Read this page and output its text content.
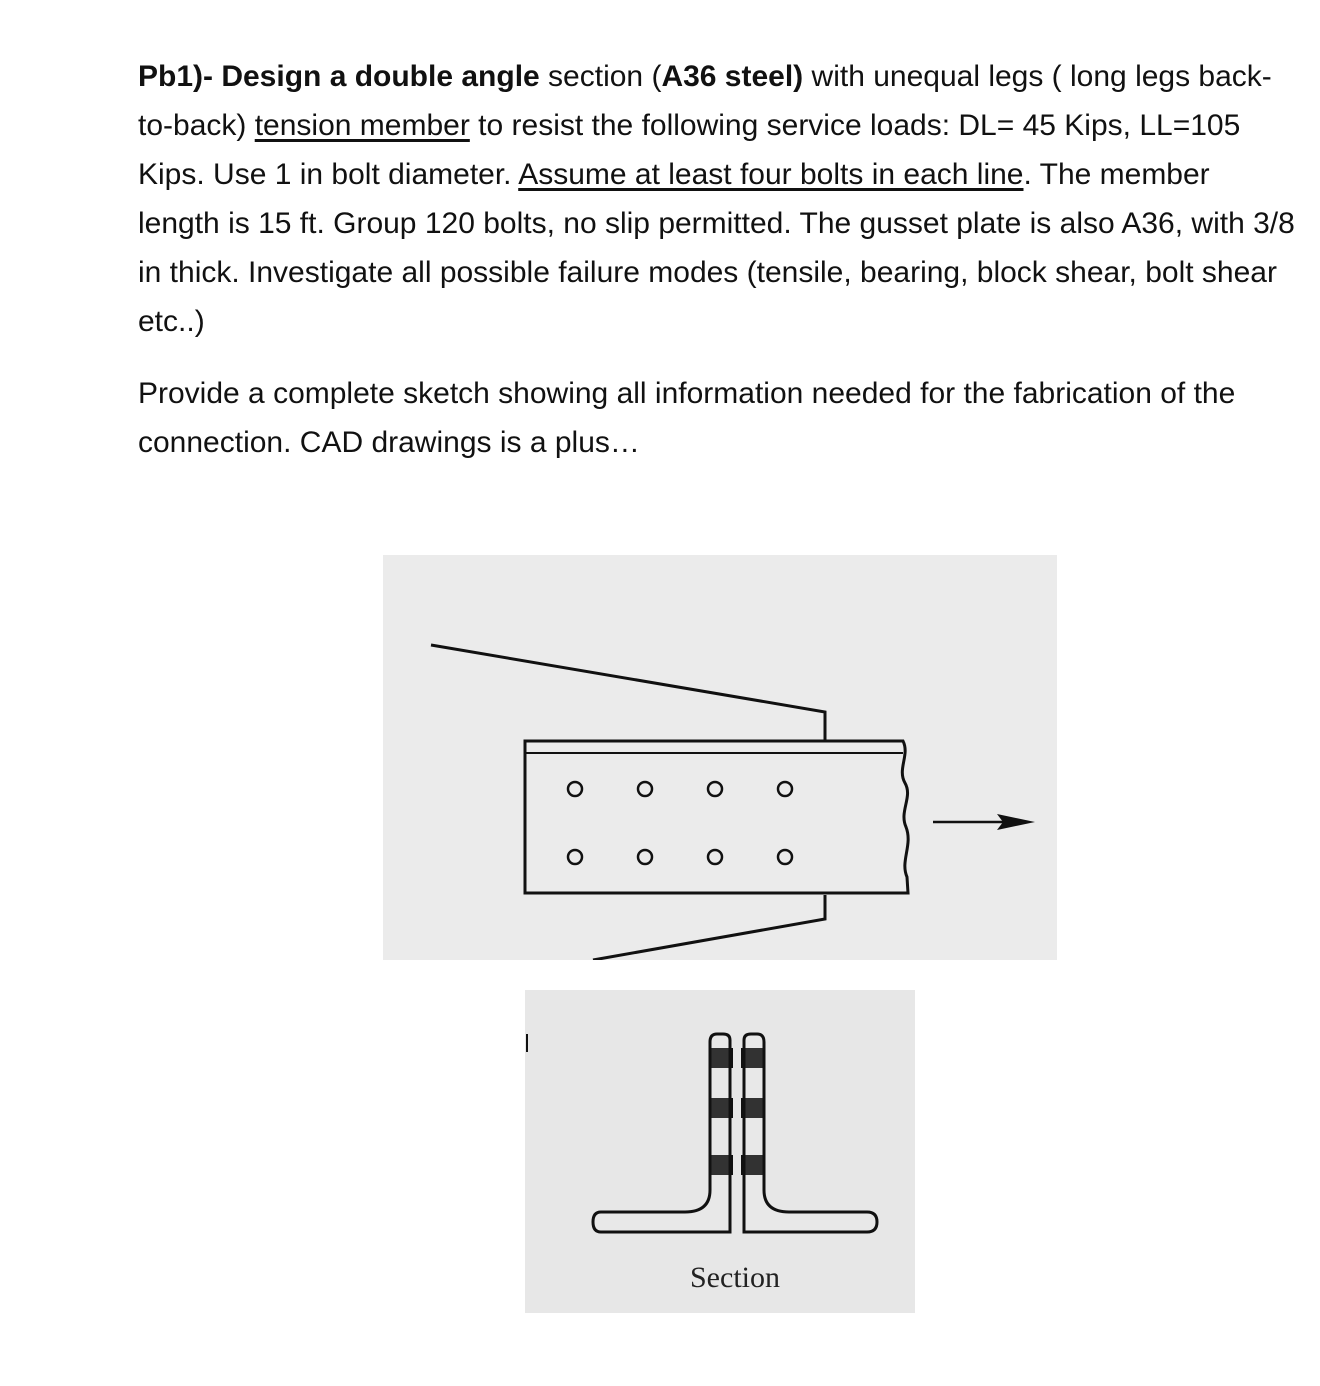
Pb1)- Design a double angle section (A36 steel) with unequal legs ( long legs back-to-back) tension member to resist the following service loads: DL= 45 Kips, LL=105 Kips. Use 1 in bolt diameter. Assume at least four bolts in each line. The member length is 15 ft. Group 120 bolts, no slip permitted. The gusset plate is also A36, with 3/8 in thick. Investigate all possible failure modes (tensile, bearing, block shear, bolt shear etc..)

Provide a complete sketch showing all information needed for the fabrication of the connection. CAD drawings is a plus…

Section
